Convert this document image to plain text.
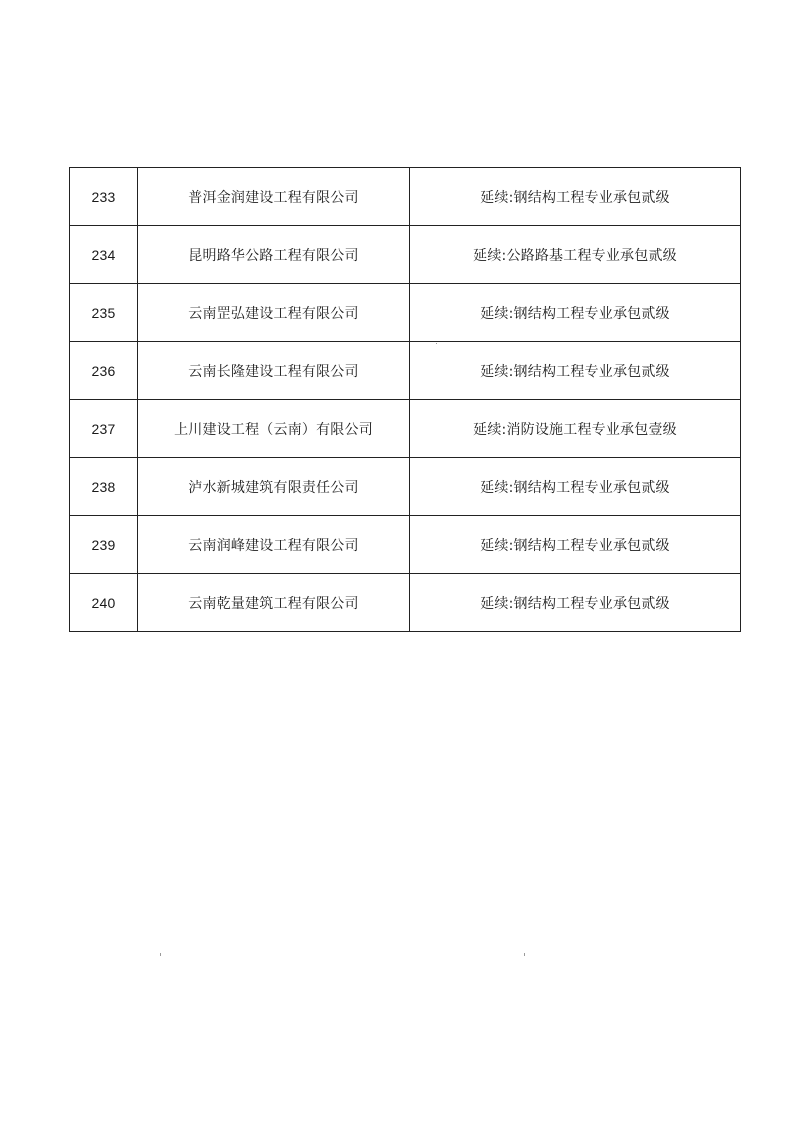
233	普洱金润建设工程有限公司	延续:钢结构工程专业承包贰级
234	昆明路华公路工程有限公司	延续:公路路基工程专业承包贰级
235	云南罡弘建设工程有限公司	延续:钢结构工程专业承包贰级
236	云南长隆建设工程有限公司	延续:钢结构工程专业承包贰级
237	上川建设工程（云南）有限公司	延续:消防设施工程专业承包壹级
238	泸水新城建筑有限责任公司	延续:钢结构工程专业承包贰级
239	云南润峰建设工程有限公司	延续:钢结构工程专业承包贰级
240	云南乾量建筑工程有限公司	延续:钢结构工程专业承包贰级
